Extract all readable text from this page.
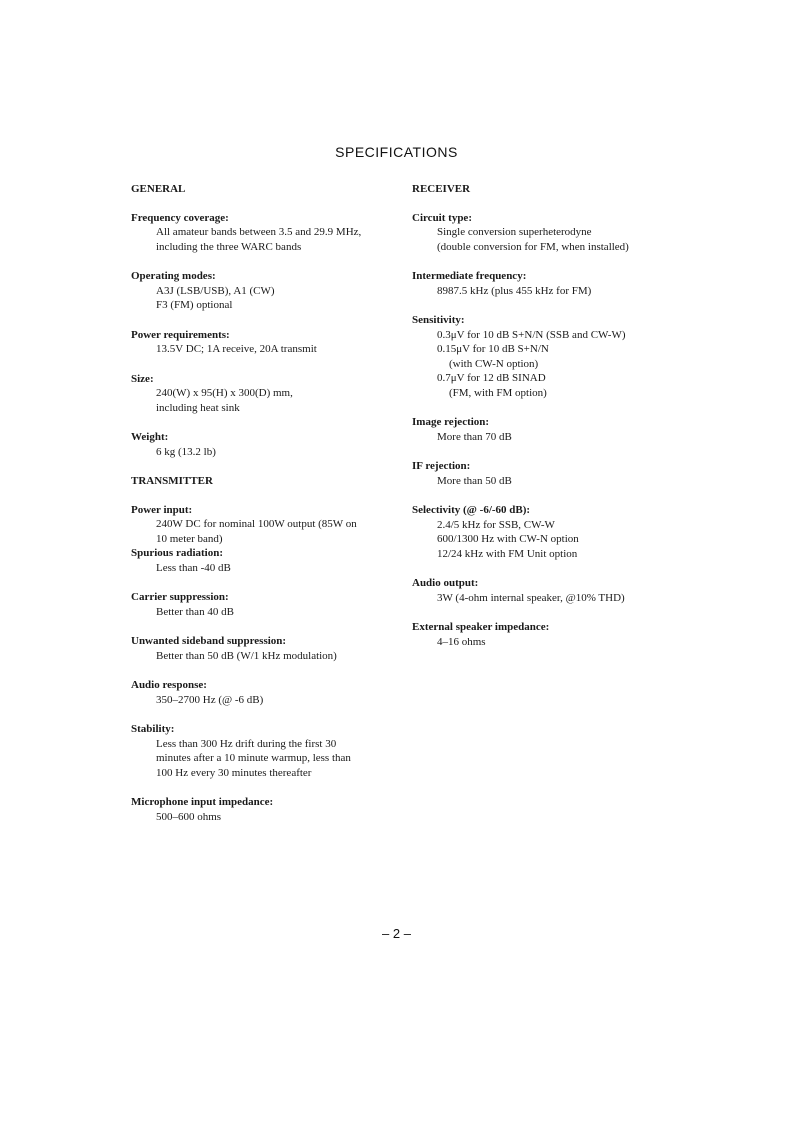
SPECIFICATIONS
GENERAL
Frequency coverage:
All amateur bands between 3.5 and 29.9 MHz,
including the three WARC bands
Operating modes:
A3J (LSB/USB), A1 (CW)
F3 (FM) optional
Power requirements:
13.5V DC; 1A receive, 20A transmit
Size:
240(W) x 95(H) x 300(D) mm,
including heat sink
Weight:
6 kg (13.2 lb)
TRANSMITTER
Power input:
240W DC for nominal 100W output (85W on
10 meter band)
Spurious radiation:
Less than -40 dB
Carrier suppression:
Better than 40 dB
Unwanted sideband suppression:
Better than 50 dB (W/1 kHz modulation)
Audio response:
350–2700 Hz (@ -6 dB)
Stability:
Less than 300 Hz drift during the first 30
minutes after a 10 minute warmup, less than
100 Hz every 30 minutes thereafter
Microphone input impedance:
500–600 ohms
RECEIVER
Circuit type:
Single conversion superheterodyne
(double conversion for FM, when installed)
Intermediate frequency:
8987.5 kHz (plus 455 kHz for FM)
Sensitivity:
0.3μV for 10 dB S+N/N (SSB and CW-W)
0.15μV for 10 dB S+N/N
(with CW-N option)
0.7μV for 12 dB SINAD
(FM, with FM option)
Image rejection:
More than 70 dB
IF rejection:
More than 50 dB
Selectivity (@ -6/-60 dB):
2.4/5 kHz for SSB, CW-W
600/1300 Hz with CW-N option
12/24 kHz with FM Unit option
Audio output:
3W (4-ohm internal speaker, @10% THD)
External speaker impedance:
4–16 ohms
– 2 –
